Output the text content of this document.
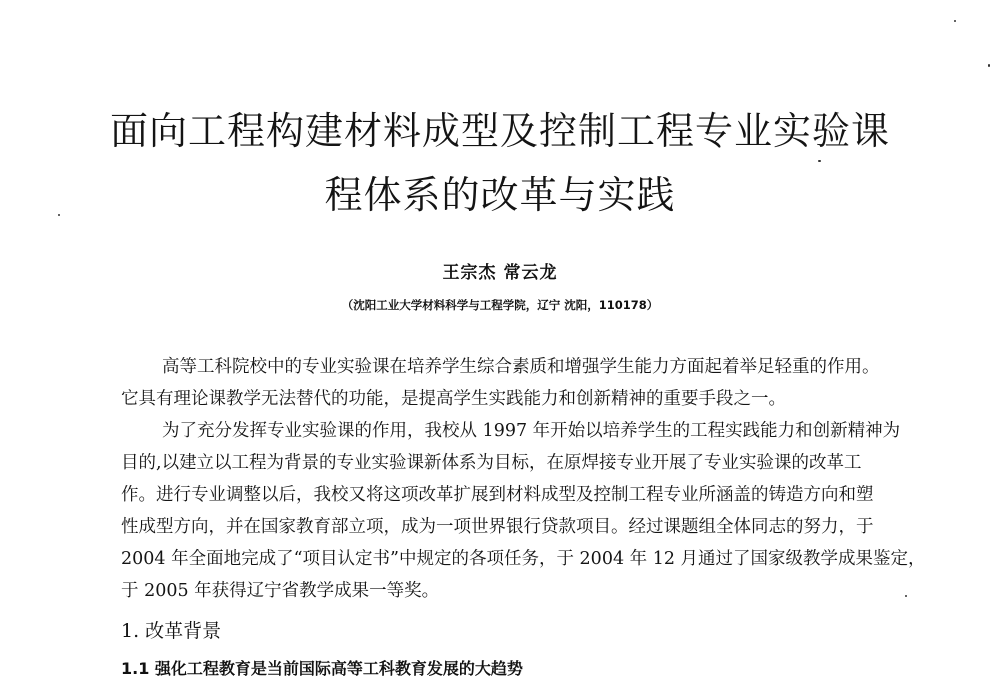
面向工程构建材料成型及控制工程专业实验课
程体系的改革与实践
王宗杰 常云龙
（沈阳工业大学材料科学与工程学院，辽宁 沈阳，110178）
高等工科院校中的专业实验课在培养学生综合素质和增强学生能力方面起着举足轻重的作用。
它具有理论课教学无法替代的功能，是提高学生实践能力和创新精神的重要手段之一。
为了充分发挥专业实验课的作用，我校从 1997 年开始以培养学生的工程实践能力和创新精神为
目的,以建立以工程为背景的专业实验课新体系为目标，在原焊接专业开展了专业实验课的改革工
作。进行专业调整以后，我校又将这项改革扩展到材料成型及控制工程专业所涵盖的铸造方向和塑
性成型方向，并在国家教育部立项，成为一项世界银行贷款项目。经过课题组全体同志的努力，于
2004 年全面地完成了“项目认定书”中规定的各项任务，于 2004 年 12 月通过了国家级教学成果鉴定，
于 2005 年获得辽宁省教学成果一等奖。
1. 改革背景
1.1 强化工程教育是当前国际高等工科教育发展的大趋势
